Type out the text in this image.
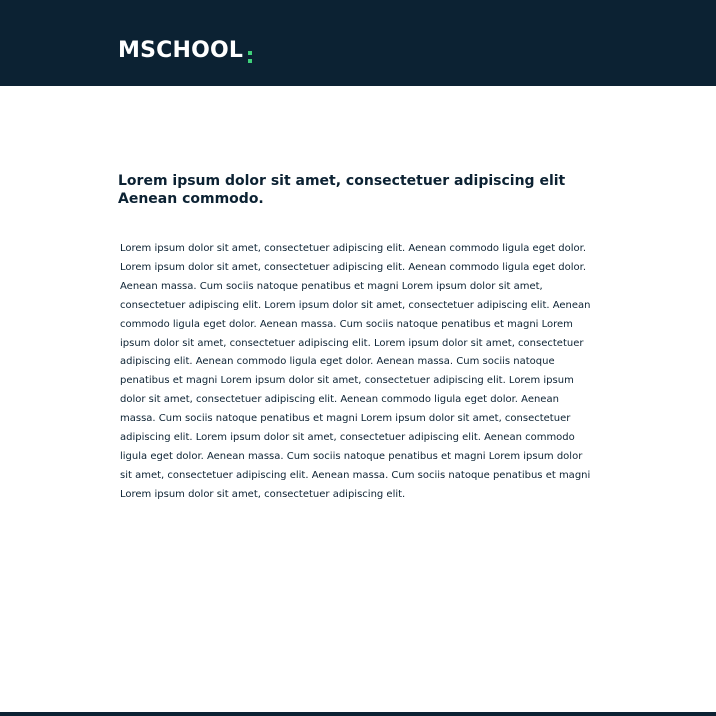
MSCHOOL
Lorem ipsum dolor sit amet, consectetuer adipiscing elit Aenean commodo.

Lorem ipsum dolor sit amet, consectetuer adipiscing elit. Aenean commodo ligula eget dolor. Lorem ipsum dolor sit amet, consectetuer adipiscing elit. Aenean commodo ligula eget dolor. Aenean massa. Cum sociis natoque penatibus et magni Lorem ipsum dolor sit amet, consectetuer adipiscing elit. Lorem ipsum dolor sit amet, consectetuer adipiscing elit. Aenean commodo ligula eget dolor. Aenean massa. Cum sociis natoque penatibus et magni Lorem ipsum dolor sit amet, consectetuer adipiscing elit. Lorem ipsum dolor sit amet, consectetuer adipiscing elit. Aenean commodo ligula eget dolor. Aenean massa. Cum sociis natoque penatibus et magni Lorem ipsum dolor sit amet, consectetuer adipiscing elit. Lorem ipsum dolor sit amet, consectetuer adipiscing elit. Aenean commodo ligula eget dolor. Aenean massa. Cum sociis natoque penatibus et magni Lorem ipsum dolor sit amet, consectetuer adipiscing elit. Lorem ipsum dolor sit amet, consectetuer adipiscing elit. Aenean commodo ligula eget dolor. Aenean massa. Cum sociis natoque penatibus et magni Lorem ipsum dolor sit amet, consectetuer adipiscing elit. Aenean massa. Cum sociis natoque penatibus et magni Lorem ipsum dolor sit amet, consectetuer adipiscing elit.
